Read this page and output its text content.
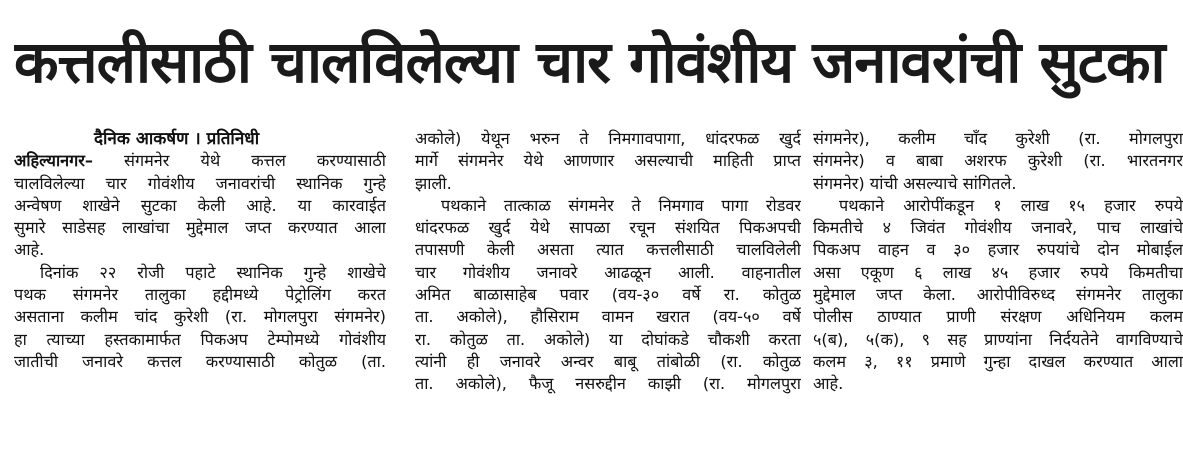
कत्तलीसाठी चालविलेल्या चार गोवंशीय जनावरांची सुटका
दैनिक आकर्षण । प्रतिनिधी
अहिल्यानगर– संगमनेर येथे कत्तल करण्यासाठी
चालविलेल्या चार गोवंशीय जनावरांची स्थानिक गुन्हे
अन्वेषण शाखेने सुटका केली आहे. या कारवाईत
सुमारे साडेसह लाखांचा मुद्देमाल जप्त करण्यात आला
आहे.
दिनांक २२ रोजी पहाटे स्थानिक गुन्हे शाखेचे
पथक संगमनेर तालुका हद्दीमध्ये पेट्रोलिंग करत
असताना कलीम चांद कुरेशी (रा. मोगलपुरा संगमनेर)
हा त्याच्या हस्तकामार्फत पिकअप टेम्पोमध्ये गोवंशीय
जातीची जनावरे कत्तल करण्यासाठी कोतुळ (ता.
अकोले) येथून भरुन ते निमगावपागा, धांदरफळ खुर्द
मार्गे संगमनेर येथे आणणार असल्याची माहिती प्राप्त
झाली.
पथकाने तात्काळ संगमनेर ते निमगाव पागा रोडवर
धांदरफळ खुर्द येथे सापळा रचून संशयित पिकअपची
तपासणी केली असता त्यात कत्तलीसाठी चालविलेली
चार गोवंशीय जनावरे आढळून आली. वाहनातील
अमित बाळासाहेब पवार (वय-३० वर्षे रा. कोतुळ
ता. अकोले), हौसिराम वामन खरात (वय-५० वर्षे
रा. कोतुळ ता. अकोले) या दोघांकडे चौकशी करता
त्यांनी ही जनावरे अन्वर बाबू तांबोळी (रा. कोतुळ
ता. अकोले), फैजू नसरुद्दीन काझी (रा. मोगलपुरा
संगमनेर), कलीम चाँद कुरेशी (रा. मोगलपुरा
संगमनेर) व बाबा अशरफ कुरेशी (रा. भारतनगर
संगमनेर) यांची असल्याचे सांगितले.
पथकाने आरोपींकडून १ लाख १५ हजार रुपये
किमतीचे ४ जिवंत गोवंशीय जनावरे, पाच लाखांचे
पिकअप वाहन व ३० हजार रुपयांचे दोन मोबाईल
असा एकूण ६ लाख ४५ हजार रुपये किमतीचा
मुद्देमाल जप्त केला. आरोपीविरुध्द संगमनेर तालुका
पोलीस ठाण्यात प्राणी संरक्षण अधिनियम कलम
५(ब), ५(क), ९ सह प्राण्यांना निर्दयतेने वागविण्याचे
कलम ३, ११ प्रमाणे गुन्हा दाखल करण्यात आला
आहे.
